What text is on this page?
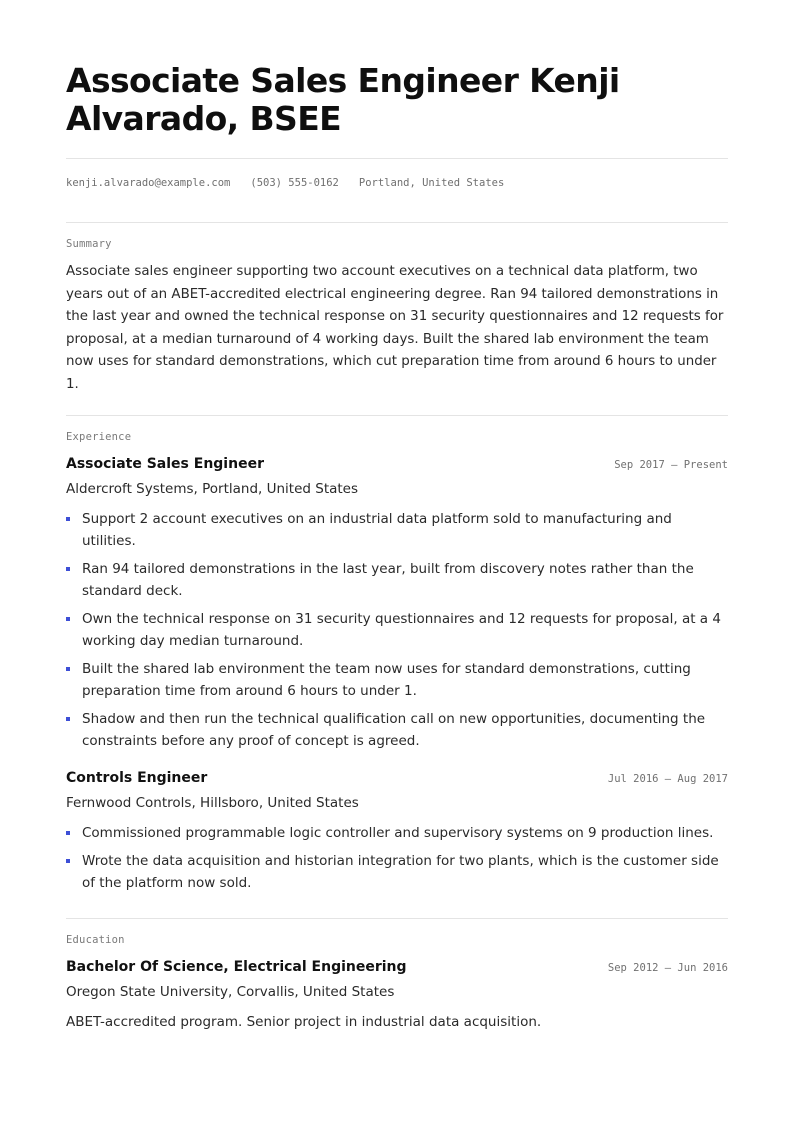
Associate Sales Engineer Kenji Alvarado, BSEE
kenji.alvarado@example.com (503) 555-0162 Portland, United States
Summary
Associate sales engineer supporting two account executives on a technical data platform, two years out of an ABET-accredited electrical engineering degree. Ran 94 tailored demonstrations in the last year and owned the technical response on 31 security questionnaires and 12 requests for proposal, at a median turnaround of 4 working days. Built the shared lab environment the team now uses for standard demonstrations, which cut preparation time from around 6 hours to under 1.
Experience
Associate Sales Engineer	Sep 2017 — Present
Aldercroft Systems, Portland, United States
Support 2 account executives on an industrial data platform sold to manufacturing and utilities.
Ran 94 tailored demonstrations in the last year, built from discovery notes rather than the standard deck.
Own the technical response on 31 security questionnaires and 12 requests for proposal, at a 4 working day median turnaround.
Built the shared lab environment the team now uses for standard demonstrations, cutting preparation time from around 6 hours to under 1.
Shadow and then run the technical qualification call on new opportunities, documenting the constraints before any proof of concept is agreed.
Controls Engineer	Jul 2016 — Aug 2017
Fernwood Controls, Hillsboro, United States
Commissioned programmable logic controller and supervisory systems on 9 production lines.
Wrote the data acquisition and historian integration for two plants, which is the customer side of the platform now sold.
Education
Bachelor Of Science, Electrical Engineering	Sep 2012 — Jun 2016
Oregon State University, Corvallis, United States
ABET-accredited program. Senior project in industrial data acquisition.
